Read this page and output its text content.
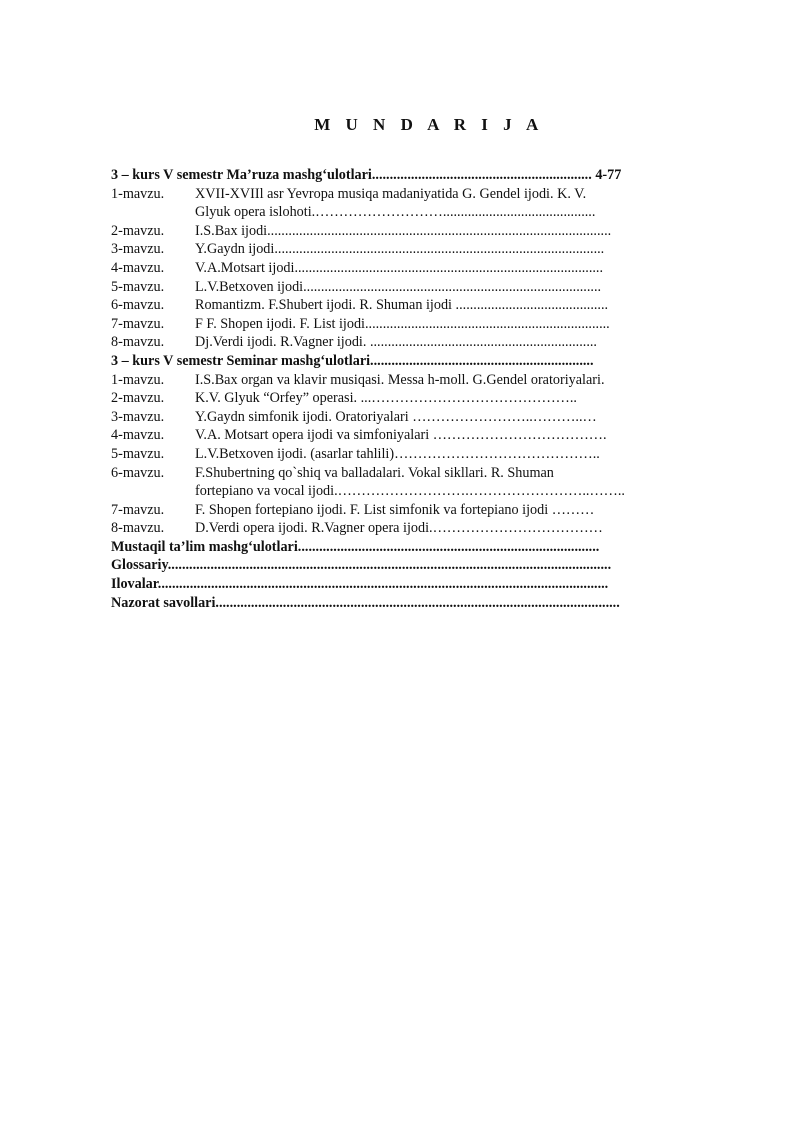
M U N D A R I J A
3 – kurs V semestr Ma’ruza mashg‘ulotlari.............................................................. 4-77
1-mavzu. XVII-XVIIl asr Yevropa musiqa madaniyatida G. Gendel ijodi. K. V.
Glyuk opera islohoti.………………………...........................................
2-mavzu. I.S.Bax ijodi.................................................................................................
3-mavzu. Y.Gaydn ijodi.............................................................................................
4-mavzu. V.A.Motsart ijodi.......................................................................................
5-mavzu. L.V.Betxoven ijodi....................................................................................
6-mavzu. Romantizm. F.Shubert ijodi. R. Shuman ijodi ...........................................
7-mavzu. F F. Shopen ijodi. F. List ijodi.....................................................................
8-mavzu. Dj.Verdi ijodi. R.Vagner ijodi. ................................................................
3 – kurs V semestr Seminar mashg‘ulotlari...............................................................
1-mavzu. I.S.Bax organ va klavir musiqasi. Messa h-moll. G.Gendel oratoriyalari.
2-mavzu. K.V. Glyuk “Orfey” operasi. ...……………………………………..
3-mavzu. Y.Gaydn simfonik ijodi. Oratoriyalari ……………………..………..…
4-mavzu. V.A. Motsart opera ijodi va simfoniyalari ……………………………….
5-mavzu. L.V.Betxoven ijodi. (asarlar tahlili)……………………………………..
6-mavzu. F.Shubertning qo`shiq va balladalari. Vokal sikllari. R. Shuman
fortepiano va vocal ijodi.……………………….……………………..……..
7-mavzu. F. Shopen fortepiano ijodi. F. List simfonik va fortepiano ijodi ………
8-mavzu. D.Verdi opera ijodi. R.Vagner opera ijodi.………………………………
Mustaqil ta’lim mashg‘ulotlari.....................................................................................
Glossariy.............................................................................................................................
Ilovalar...............................................................................................................................
Nazorat savollari..................................................................................................................
